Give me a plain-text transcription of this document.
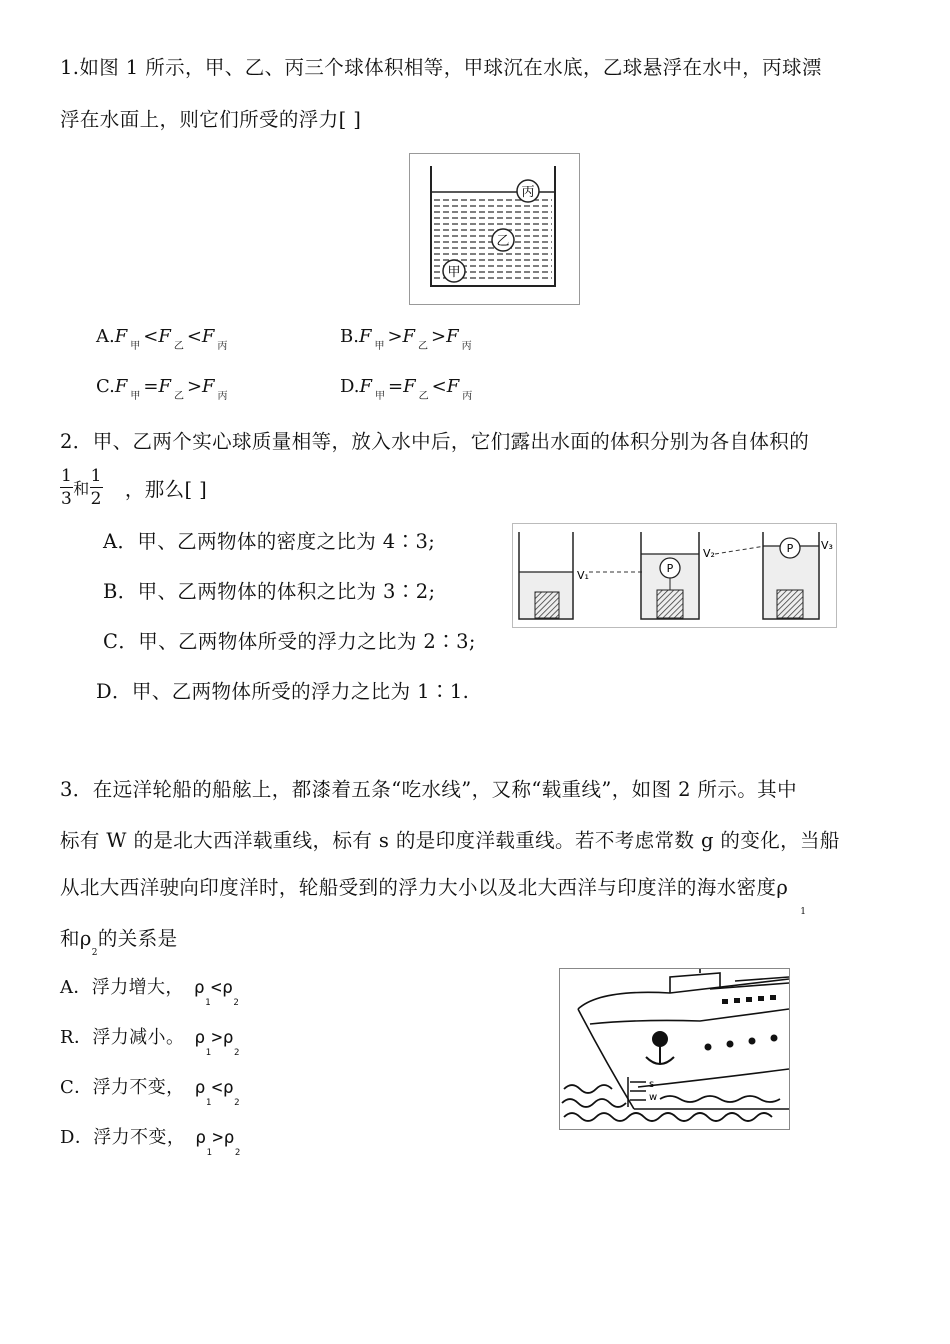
1.如图 1 所示，甲、乙、丙三个球体积相等，甲球沉在水底，乙球悬浮在水中，丙球漂
浮在水面上，则它们所受的浮力[ ]
丙
乙
甲
A.F $_甲$ <F $_乙$ <F $_丙$	B.F $_甲$ >F $_乙$ >F $_丙$
C.F $_甲$ =F $_乙$ >F $_丙$	D.F $_甲$ =F $_乙$ <F $_丙$
2．甲、乙两个实心球质量相等，放入水中后，它们露出水面的体积分别为各自体积的
$\frac{1}{3}$ 和 $\frac{1}{2}$ ，那么[ ]
A．甲、乙两物体的密度之比为 4∶3;
B．甲、乙两物体的体积之比为 3∶2;
C．甲、乙两物体所受的浮力之比为 2∶3;
D．甲、乙两物体所受的浮力之比为 1∶1.
V₁
P
V₂	P	V₃
3．在远洋轮船的船舷上，都漆着五条“吃水线”，又称“载重线”，如图 2 所示。其中
标有 W 的是北大西洋载重线，标有 s 的是印度洋载重线。若不考虑常数 g 的变化，当船
从北大西洋驶向印度洋时，轮船受到的浮力大小以及北大西洋与印度洋的海水密度$\rho_1$
和$\rho_2$的关系是
A．浮力增大， $\rho_1<\rho_2$
R．浮力减小。 $\rho_1>\rho_2$
C．浮力不变， $\rho_1<\rho_2$
D．浮力不变， $\rho_1>\rho_2$
s
w
